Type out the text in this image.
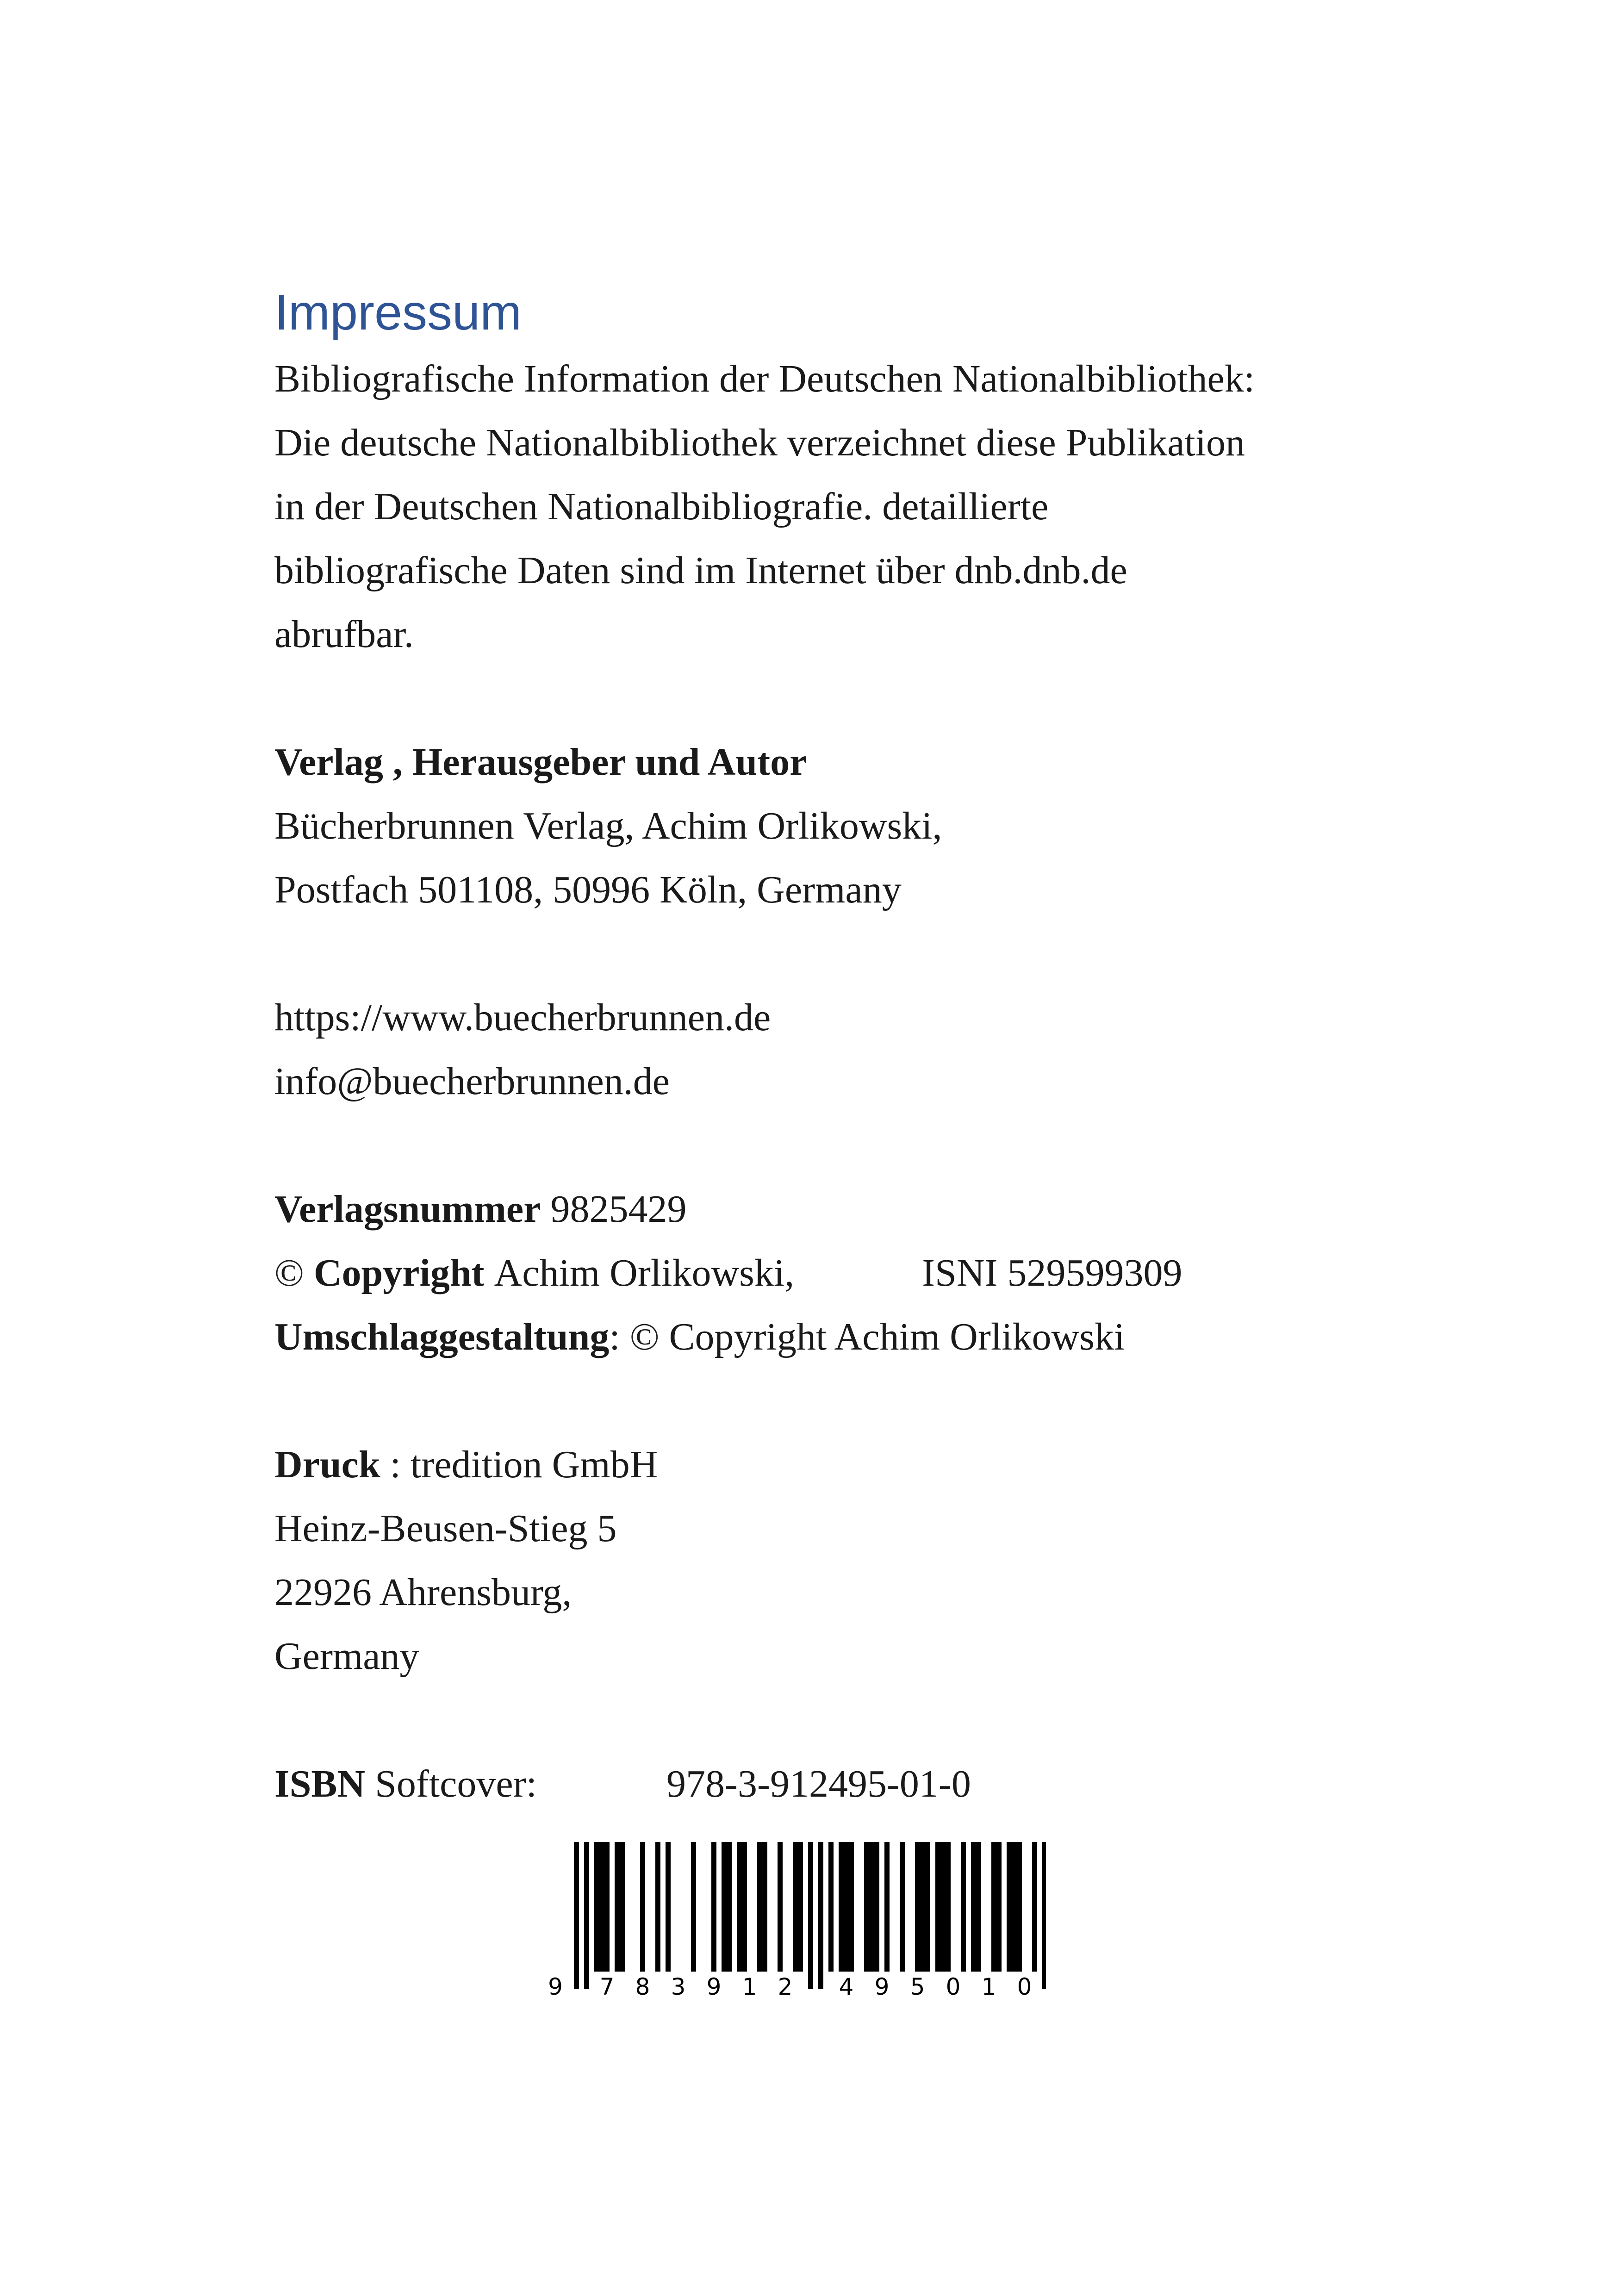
Impressum

Bibliografische Information der Deutschen Nationalbibliothek:

Die deutsche Nationalbibliothek verzeichnet diese Publikation

in der Deutschen Nationalbibliografie. detaillierte

bibliografische Daten sind im Internet über dnb.dnb.de

abrufbar.

Verlag , Herausgeber und Autor

Bücherbrunnen Verlag, Achim Orlikowski,

Postfach 501108, 50996 Köln, Germany

https://www.buecherbrunnen.de

info@buecherbrunnen.de

Verlagsnummer 9825429

©
Copyright
Achim Orlikowski,	ISNI 529599309

Umschlaggestaltung: © Copyright Achim Orlikowski

Druck : tredition GmbH

Heinz-Beusen-Stieg 5

22926 Ahrensburg,

Germany

ISBN
Softcover:	978-3-912495-01-0

9 7 8 3 9 1 2 4 9 5 0 1 0
